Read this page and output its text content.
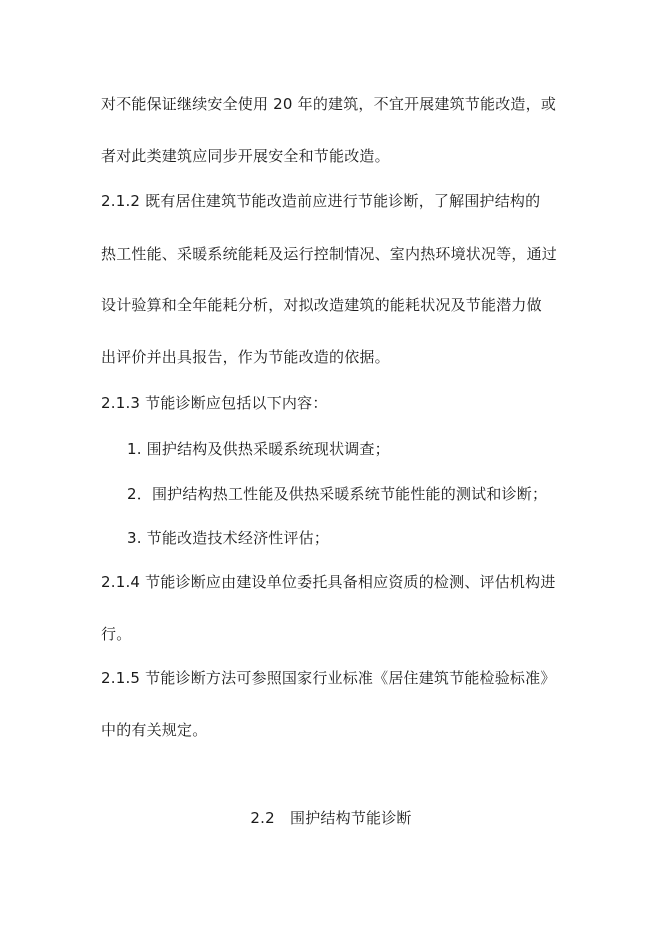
对不能保证继续安全使用 20 年的建筑，不宜开展建筑节能改造，或
者对此类建筑应同步开展安全和节能改造。
2.1.2 既有居住建筑节能改造前应进行节能诊断，了解围护结构的
热工性能、采暖系统能耗及运行控制情况、室内热环境状况等，通过
设计验算和全年能耗分析，对拟改造建筑的能耗状况及节能潜力做
出评价并出具报告，作为节能改造的依据。
2.1.3 节能诊断应包括以下内容：
1. 围护结构及供热采暖系统现状调查；
2．围护结构热工性能及供热采暖系统节能性能的测试和诊断；
3. 节能改造技术经济性评估；
2.1.4 节能诊断应由建设单位委托具备相应资质的检测、评估机构进
行。
2.1.5 节能诊断方法可参照国家行业标准《居住建筑节能检验标准》
中的有关规定。
2.2　围护结构节能诊断
